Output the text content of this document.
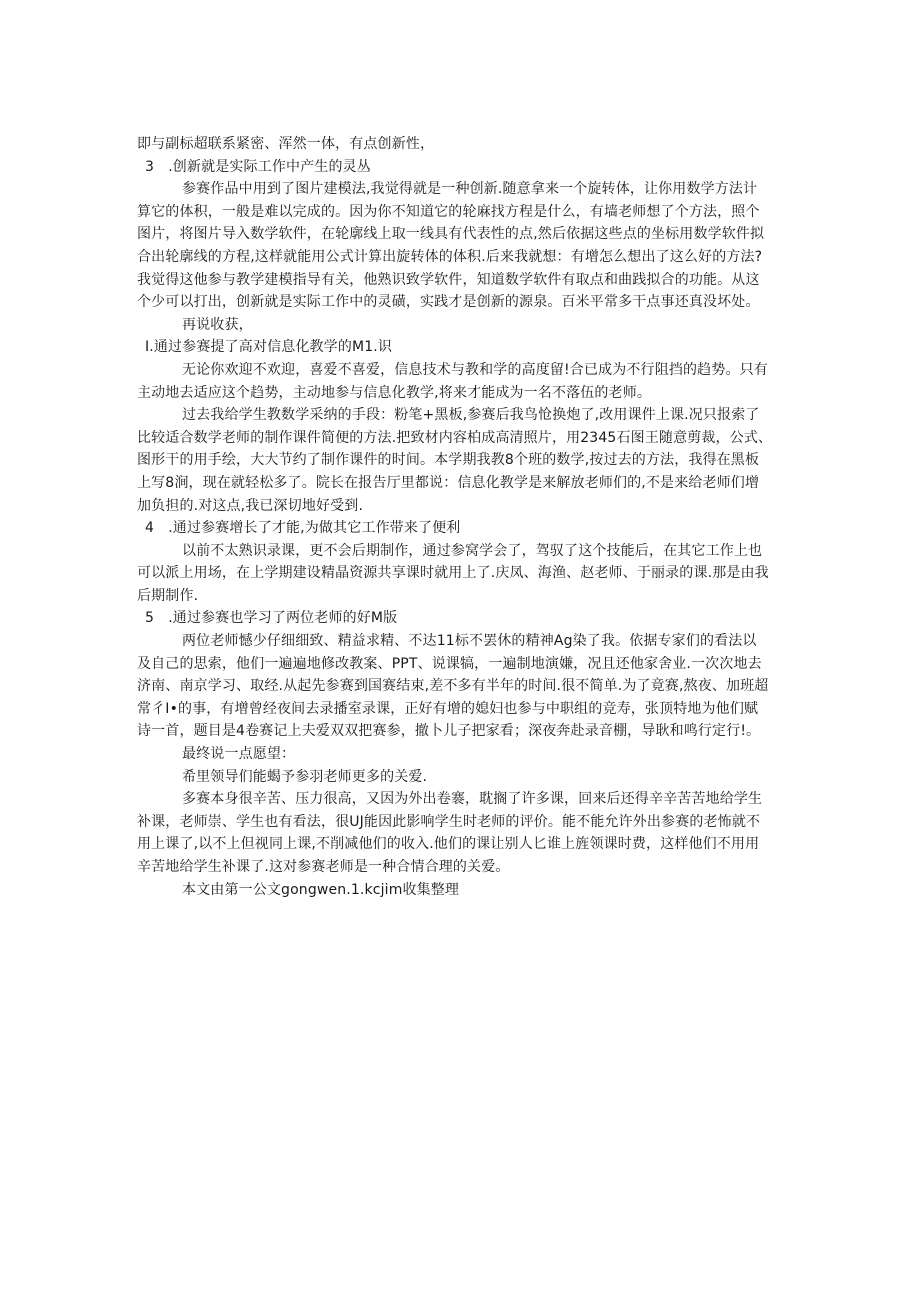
即与副标超联系紧密、浑然一体，有点创新性，
3　.创新就是实际工作中产生的灵丛
参赛作品中用到了图片建模法,我觉得就是一种创新.随意拿来一个旋转体，让你用数学方法计
算它的体积，一般是难以完成的。因为你不知道它的轮麻找方程是什么，有墙老师想了个方法，照个
图片，将图片导入数学软件，在轮廓线上取一线具有代表性的点,然后依据这些点的坐标用数学软件拟
合出轮廓线的方程,这样就能用公式计算出旋转体的体积.后来我就想：有增怎么想出了这么好的方法?
我觉得这他参与教学建模指导有关，他熟识致学软件，知道数学软件有取点和曲践拟合的功能。从这
个少可以打出，创新就是实际工作中的灵磺，实践才是创新的源泉。百米平常多干点事还真没坏处。
再说收获，
I.通过参赛提了高对信息化教学的M1.识
无论你欢迎不欢迎，喜爱不喜爱，信息技术与教和学的高度留!合已成为不行阻挡的趋势。只有
主动地去适应这个趋势，主动地参与信息化教学,将来才能成为一名不落伍的老师。
过去我给学生教数学采纳的手段：粉笔+黑板,参赛后我鸟怆换炮了,改用课件上课.况只报索了
比较适合数学老师的制作课件简便的方法.把致材内容柏成高清照片，用2345石图王随意剪裁，公式、
图形干的用手绘，大大节约了制作课件的时间。本学期我教8个班的数学,按过去的方法，我得在黑板
上写8涧，现在就轻松多了。院长在报告厅里都说：信息化教学是来解放老师们的,不是来给老师们增
加负担的.对这点,我已深切地好受到.
4　.通过参赛增长了才能,为做其它工作带来了便利
以前不太熟识录课，更不会后期制作，通过参窝学会了，驾驭了这个技能后，在其它工作上也
可以派上用场，在上学期建设精晶资源共享课时就用上了.庆凤、海渔、赵老师、于丽录的课.那是由我
后期制作.
5　.通过参赛也学习了两位老师的好M版
两位老师憾少仔细细致、精益求精、不达11标不罢休的精神Ag染了我。依据专家们的看法以
及自己的思索，他们一遍遍地修改教案、PPT、说课犒，一遍制地演嫌，况且还他家舍业.一次次地去
济南、南京学习、取经.从起先参赛到国赛结束,差不多有半年的时间.很不简单.为了竟赛,熬夜、加班超
常彳I•的事，有增曾经夜间去录播室录课，正好有增的媳妇也参与中职组的竞寿，张顶特地为他们赋
诗一首，题目是4卷赛记上夫爱双双把赛参，撤卜儿子把家看；深夜奔赴录音棚，导耿和鸣行定行!。
最终说一点愿望：
希里领导们能蝎予参羽老师更多的关爱.
多赛本身很辛苦、压力很高，又因为外出卷褰，耽搁了许多课，回来后还得辛辛苦苦地给学生
补课，老师崇、学生也有看法，很UJ能因此影响学生时老师的评价。能不能允许外出参赛的老怖就不
用上课了,以不上但视同上课,不削减他们的收入.他们的课让别人匕谁上旌领课时费，这样他们不用用
辛苦地给学生补课了.这对参赛老师是一种合情合理的关爱。
本文由第一公文gongwen.1.kcjim收集整理
